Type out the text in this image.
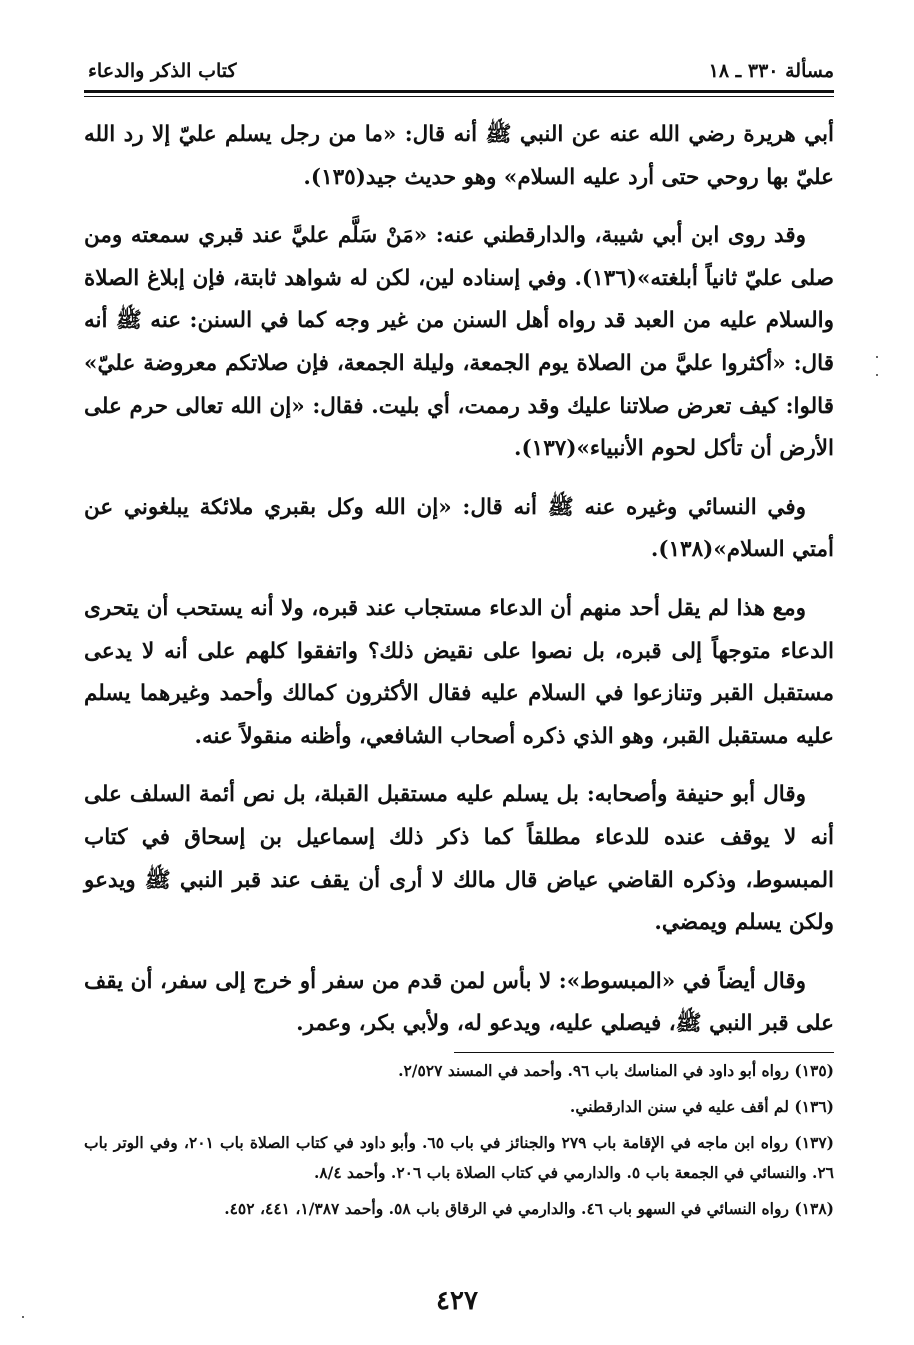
مسألة ٣٣٠ ـ ١٨
كتاب الذكر والدعاء

أبي هريرة رضي الله عنه عن النبي ﷺ أنه قال: «ما من رجل يسلم عليّ إلا رد الله عليّ بها روحي حتى أرد عليه السلام» وهو حديث جيد(١٣٥).

وقد روى ابن أبي شيبة، والدارقطني عنه: «مَنْ سَلَّم عليَّ عند قبري سمعته ومن صلى عليّ ثانياً أبلغته»(١٣٦). وفي إسناده لين، لكن له شواهد ثابتة، فإن إبلاغ الصلاة والسلام عليه من العبد قد رواه أهل السنن من غير وجه كما في السنن: عنه ﷺ أنه قال: «أكثروا عليَّ من الصلاة يوم الجمعة، وليلة الجمعة، فإن صلاتكم معروضة عليّ» قالوا: كيف تعرض صلاتنا عليك وقد رممت، أي بليت. فقال: «إن الله تعالى حرم على الأرض أن تأكل لحوم الأنبياء»(١٣٧).

وفي النسائي وغيره عنه ﷺ أنه قال: «إن الله وكل بقبري ملائكة يبلغوني عن أمتي السلام»(١٣٨).

ومع هذا لم يقل أحد منهم أن الدعاء مستجاب عند قبره، ولا أنه يستحب أن يتحرى الدعاء متوجهاً إلى قبره، بل نصوا على نقيض ذلك؟ واتفقوا كلهم على أنه لا يدعى مستقبل القبر وتنازعوا في السلام عليه فقال الأكثرون كمالك وأحمد وغيرهما يسلم عليه مستقبل القبر، وهو الذي ذكره أصحاب الشافعي، وأظنه منقولاً عنه.

وقال أبو حنيفة وأصحابه: بل يسلم عليه مستقبل القبلة، بل نص أئمة السلف على أنه لا يوقف عنده للدعاء مطلقاً كما ذكر ذلك إسماعيل بن إسحاق في كتاب المبسوط، وذكره القاضي عياض قال مالك لا أرى أن يقف عند قبر النبي ﷺ ويدعو ولكن يسلم ويمضي.

وقال أيضاً في «المبسوط»: لا بأس لمن قدم من سفر أو خرج إلى سفر، أن يقف على قبر النبي ﷺ، فيصلي عليه، ويدعو له، ولأبي بكر، وعمر.

(١٣٥) رواه أبو داود في المناسك باب ٩٦. وأحمد في المسند ٢/٥٢٧.

(١٣٦) لم أقف عليه في سنن الدارقطني.

(١٣٧) رواه ابن ماجه في الإقامة باب ٢٧٩ والجنائز في باب ٦٥. وأبو داود في كتاب الصلاة باب ٢٠١، وفي الوتر باب ٢٦. والنسائي في الجمعة باب ٥. والدارمي في كتاب الصلاة باب ٢٠٦. وأحمد ٨/٤.

(١٣٨) رواه النسائي في السهو باب ٤٦. والدارمي في الرقاق باب ٥٨. وأحمد ١/٣٨٧، ٤٤١، ٤٥٢.

٤٢٧
